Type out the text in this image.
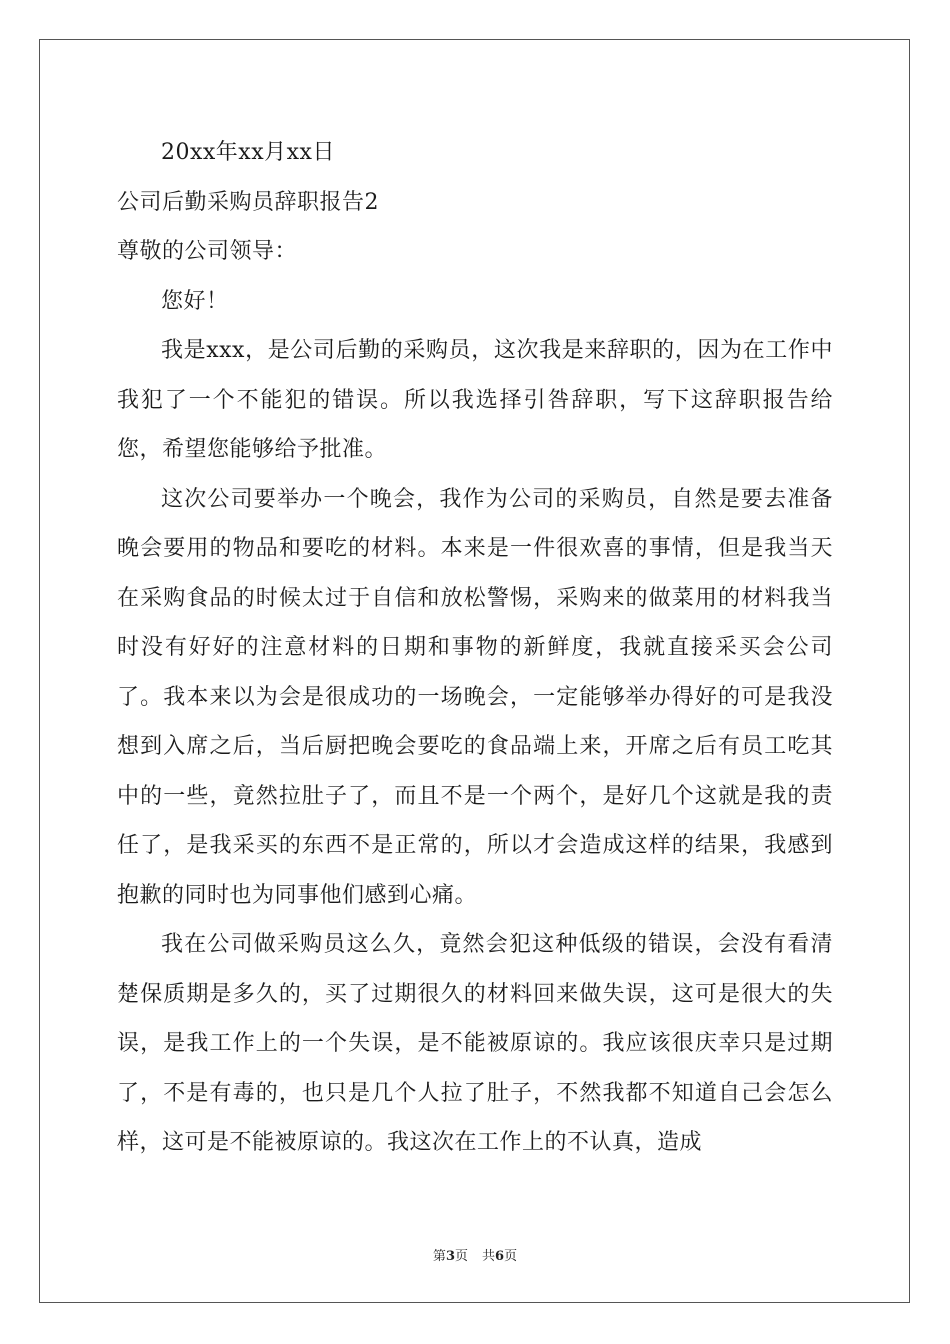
20xx年xx月xx日

公司后勤采购员辞职报告2

尊敬的公司领导：

您好！

我是xxx，是公司后勤的采购员，这次我是来辞职的，因为在工作中我犯了一个不能犯的错误。所以我选择引咎辞职，写下这辞职报告给您，希望您能够给予批准。

这次公司要举办一个晚会，我作为公司的采购员，自然是要去准备晚会要用的物品和要吃的材料。本来是一件很欢喜的事情，但是我当天在采购食品的时候太过于自信和放松警惕，采购来的做菜用的材料我当时没有好好的注意材料的日期和事物的新鲜度，我就直接采买会公司了。我本来以为会是很成功的一场晚会，一定能够举办得好的可是我没想到入席之后，当后厨把晚会要吃的食品端上来，开席之后有员工吃其中的一些，竟然拉肚子了，而且不是一个两个，是好几个这就是我的责任了，是我采买的东西不是正常的，所以才会造成这样的结果，我感到抱歉的同时也为同事他们感到心痛。

我在公司做采购员这么久，竟然会犯这种低级的错误，会没有看清楚保质期是多久的，买了过期很久的材料回来做失误，这可是很大的失误，是我工作上的一个失误，是不能被原谅的。我应该很庆幸只是过期了，不是有毒的，也只是几个人拉了肚子，不然我都不知道自己会怎么样，这可是不能被原谅的。我这次在工作上的不认真，造成

第3页 共6页
